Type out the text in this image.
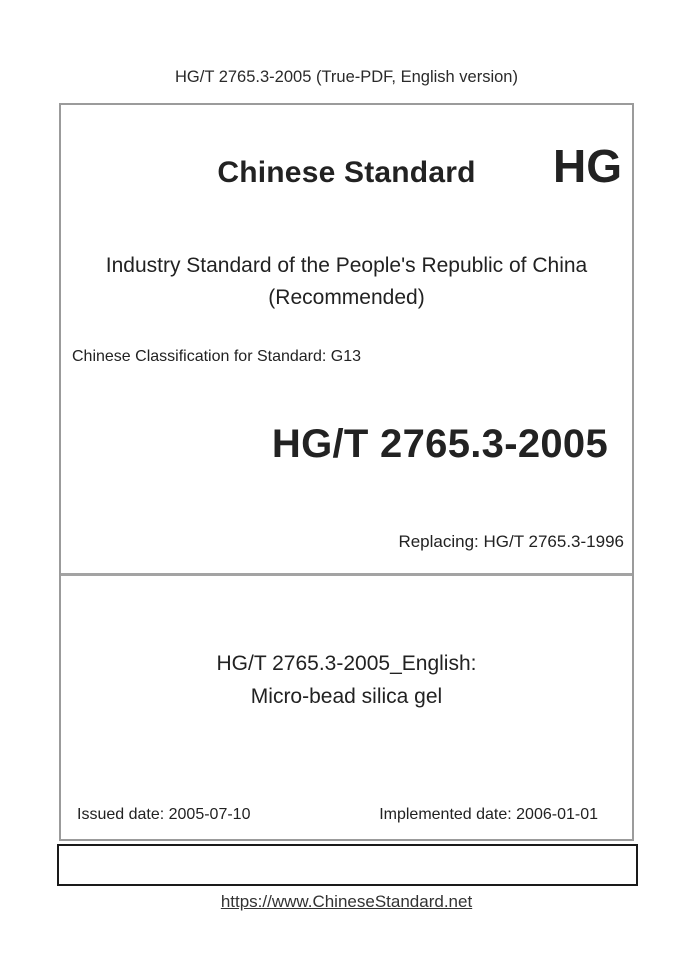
HG/T 2765.3-2005 (True-PDF, English version)
Chinese Standard	HG
Industry Standard of the People's Republic of China
(Recommended)
Chinese Classification for Standard: G13
HG/T 2765.3-2005
Replacing: HG/T 2765.3-1996
HG/T 2765.3-2005_English:
Micro-bead silica gel
Issued date: 2005-07-10	Implemented date: 2006-01-01
https://www.ChineseStandard.net
